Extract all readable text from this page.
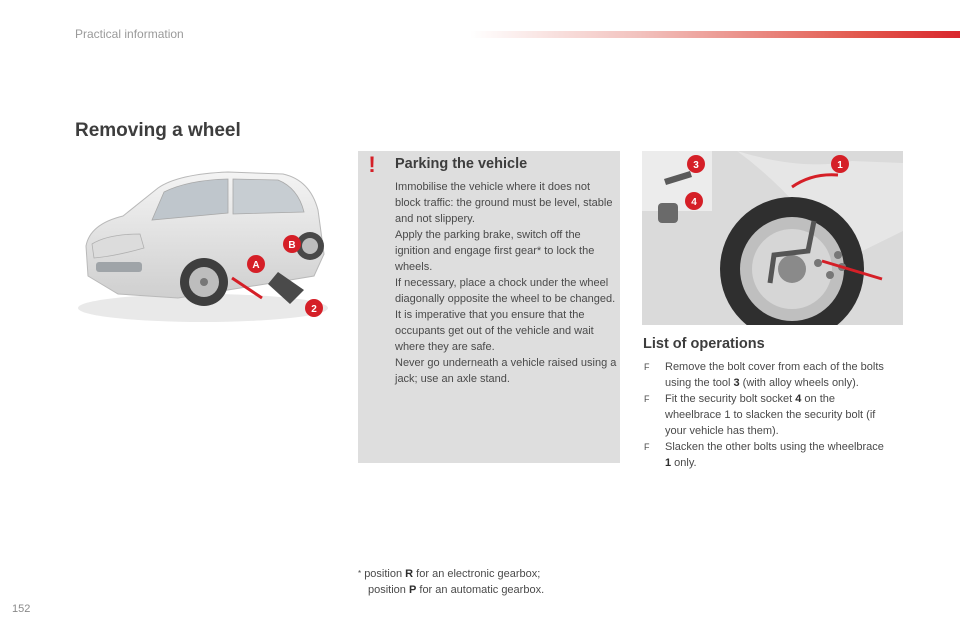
Practical information
Removing a wheel
A
B
2
! Parking the vehicle

Immobilise the vehicle where it does not block traffic: the ground must be level, stable and not slippery.

Apply the parking brake, switch off the ignition and engage first gear* to lock the wheels.

If necessary, place a chock under the wheel diagonally opposite the wheel to be changed.

It is imperative that you ensure that the occupants get out of the vehicle and wait where they are safe.

Never go underneath a vehicle raised using a jack; use an axle stand.

3
4
1
List of operations
F Remove the bolt cover from each of the bolts using the tool 3 (with alloy wheels only).
F Fit the security bolt socket 4 on the wheelbrace 1 to slacken the security bolt (if your vehicle has them).
F Slacken the other bolts using the wheelbrace 1 only.

* position R for an electronic gearbox;

position P for an automatic gearbox.

152
